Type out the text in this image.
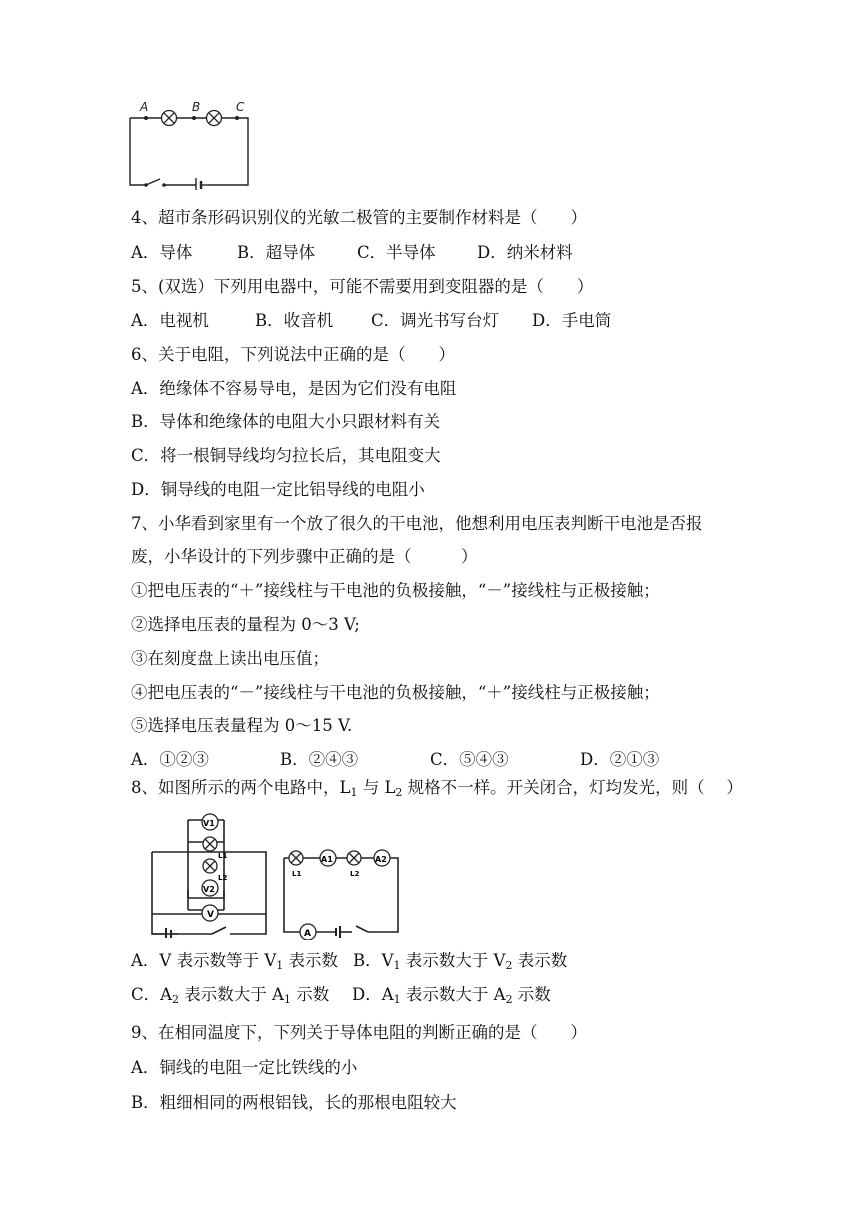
A	B	C
4、超市条形码识别仪的光敏二极管的主要制作材料是（　　）
A．导体	B．超导体	C．半导体	D．纳米材料
5、(双选）下列用电器中，可能不需要用到变阻器的是（　　）
A．电视机	B．收音机 C．调光书写台灯 D．手电筒
6、关于电阻，下列说法中正确的是（　　）
A．绝缘体不容易导电，是因为它们没有电阻
B．导体和绝缘体的电阻大小只跟材料有关
C．将一根铜导线均匀拉长后，其电阻变大
D．铜导线的电阻一定比铝导线的电阻小
7、小华看到家里有一个放了很久的干电池，他想利用电压表判断干电池是否报
废，小华设计的下列步骤中正确的是（　　　）
①把电压表的“＋”接线柱与干电池的负极接触，“－”接线柱与正极接触；
②选择电压表的量程为 0～3 V;
③在刻度盘上读出电压值；
④把电压表的“－”接线柱与干电池的负极接触，“＋”接线柱与正极接触；
⑤选择电压表量程为 0～15 V.
A．①②③	B．②④③	C．⑤④③	D．②①③
8、如图所示的两个电路中，$L_1$ 与 $L_2$ 规格不一样。开关闭合，灯均发光，则（　 ）
V1
V2
V
L1
L2
A1	A2
A
L1	L2
A．V 表示数等于 $V_1$ 表示数 B．$V_1$ 表示数大于 $V_2$ 表示数
C．$A_2$ 表示数大于 $A_1$ 示数 D．$A_1$ 表示数大于 $A_2$ 示数
9、在相同温度下，下列关于导体电阻的判断正确的是（　　）
A．铜线的电阻一定比铁线的小
B．粗细相同的两根铝钱，长的那根电阻较大
